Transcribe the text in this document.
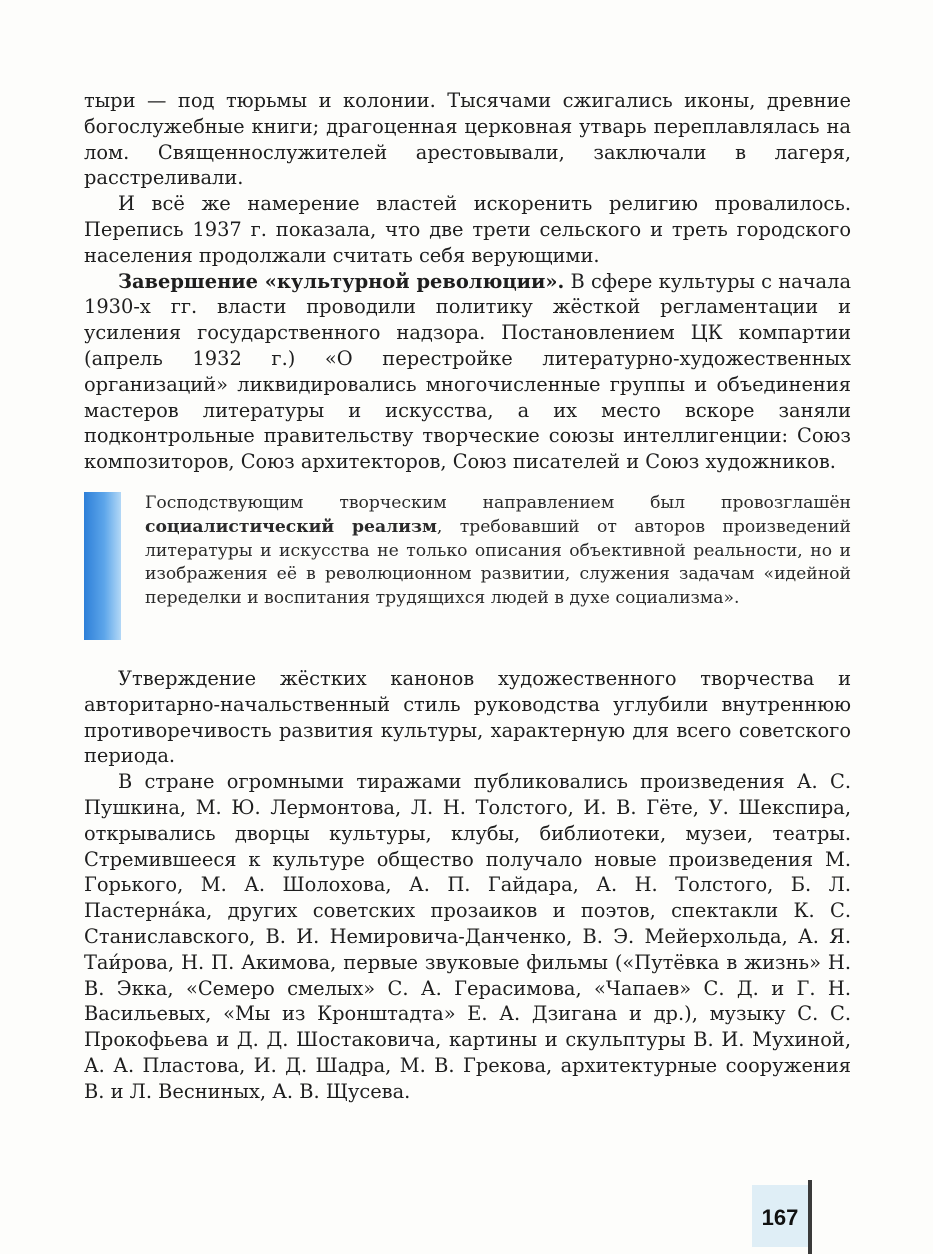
тыри — под тюрьмы и колонии. Тысячами сжигались иконы, древние богослужебные книги; драгоценная церковная утварь переплавлялась на лом. Священнослужителей арестовывали, заключали в лагеря, расстреливали.

И всё же намерение властей искоренить религию провалилось. Перепись 1937 г. показала, что две трети сельского и треть городского населения продолжали считать себя верующими.

Завершение «культурной революции». В сфере культуры с начала 1930-х гг. власти проводили политику жёсткой регламентации и усиления государственного надзора. Постановлением ЦК компартии (апрель 1932 г.) «О перестройке литературно-художественных организаций» ликвидировались многочисленные группы и объединения мастеров литературы и искусства, а их место вскоре заняли подконтрольные правительству творческие союзы интеллигенции: Союз композиторов, Союз архитекторов, Союз писателей и Союз художников.

Господствующим творческим направлением был провозглашён социалистический реализм, требовавший от авторов произведений литературы и искусства не только описания объективной реальности, но и изображения её в революционном развитии, служения задачам «идейной переделки и воспитания трудящихся людей в духе социализма».

Утверждение жёстких канонов художественного творчества и авторитарно-начальственный стиль руководства углубили внутреннюю противоречивость развития культуры, характерную для всего советского периода.

В стране огромными тиражами публиковались произведения А. С. Пушкина, М. Ю. Лермонтова, Л. Н. Толстого, И. В. Гёте, У. Шекспира, открывались дворцы культуры, клубы, библиотеки, музеи, театры. Стремившееся к культуре общество получало новые произведения М. Горького, М. А. Шолохова, А. П. Гайдара, А. Н. Толстого, Б. Л. Пастерна́ка, других советских прозаиков и поэтов, спектакли К. С. Станиславского, В. И. Немировича-Данченко, В. Э. Мейерхольда, А. Я. Таи́рова, Н. П. Акимова, первые звуковые фильмы («Путёвка в жизнь» Н. В. Экка, «Семеро смелых» С. А. Герасимова, «Чапаев» С. Д. и Г. Н. Васильевых, «Мы из Кронштадта» Е. А. Дзигана и др.), музыку С. С. Прокофьева и Д. Д. Шостаковича, картины и скульптуры В. И. Мухиной, А. А. Пластова, И. Д. Шадра, М. В. Грекова, архитектурные сооружения В. и Л. Весниных, А. В. Щусева.

167
